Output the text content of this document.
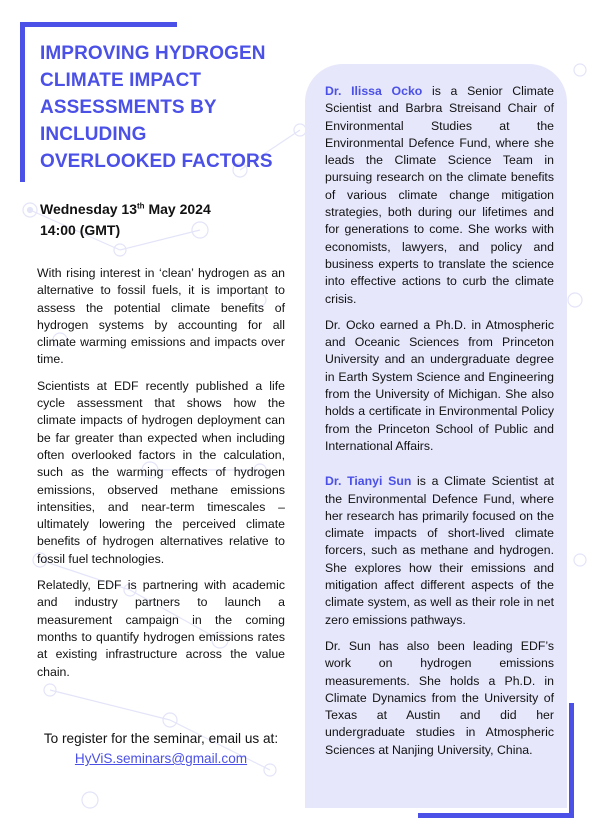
IMPROVING HYDROGEN
CLIMATE IMPACT
ASSESSMENTS BY
INCLUDING
OVERLOOKED FACTORS
Wednesday 13th May 2024
14:00 (GMT)

With rising interest in ‘clean’ hydrogen as an alternative to fossil fuels, it is important to assess the potential climate benefits of hydrogen systems by accounting for all climate warming emissions and impacts over time.

Scientists at EDF recently published a life cycle assessment that shows how the climate impacts of hydrogen deployment can be far greater than expected when including often overlooked factors in the calculation, such as the warming effects of hydrogen emissions, observed methane emissions intensities, and near-term timescales – ultimately lowering the perceived climate benefits of hydrogen alternatives relative to fossil fuel technologies.

Relatedly, EDF is partnering with academic and industry partners to launch a measurement campaign in the coming months to quantify hydrogen emissions rates at existing infrastructure across the value chain.

To register for the seminar, email us at: HyViS.seminars@gmail.com

Dr. Ilissa Ocko is a Senior Climate Scientist and Barbra Streisand Chair of Environmental Studies at the Environmental Defence Fund, where she leads the Climate Science Team in pursuing research on the climate benefits of various climate change mitigation strategies, both during our lifetimes and for generations to come. She works with economists, lawyers, and policy and business experts to translate the science into effective actions to curb the climate crisis.

Dr. Ocko earned a Ph.D. in Atmospheric and Oceanic Sciences from Princeton University and an undergraduate degree in Earth System Science and Engineering from the University of Michigan. She also holds a certificate in Environmental Policy from the Princeton School of Public and International Affairs.

Dr. Tianyi Sun is a Climate Scientist at the Environmental Defence Fund, where her research has primarily focused on the climate impacts of short-lived climate forcers, such as methane and hydrogen. She explores how their emissions and mitigation affect different aspects of the climate system, as well as their role in net zero emissions pathways.

Dr. Sun has also been leading EDF’s work on hydrogen emissions measurements. She holds a Ph.D. in Climate Dynamics from the University of Texas at Austin and did her undergraduate studies in Atmospheric Sciences at Nanjing University, China.
